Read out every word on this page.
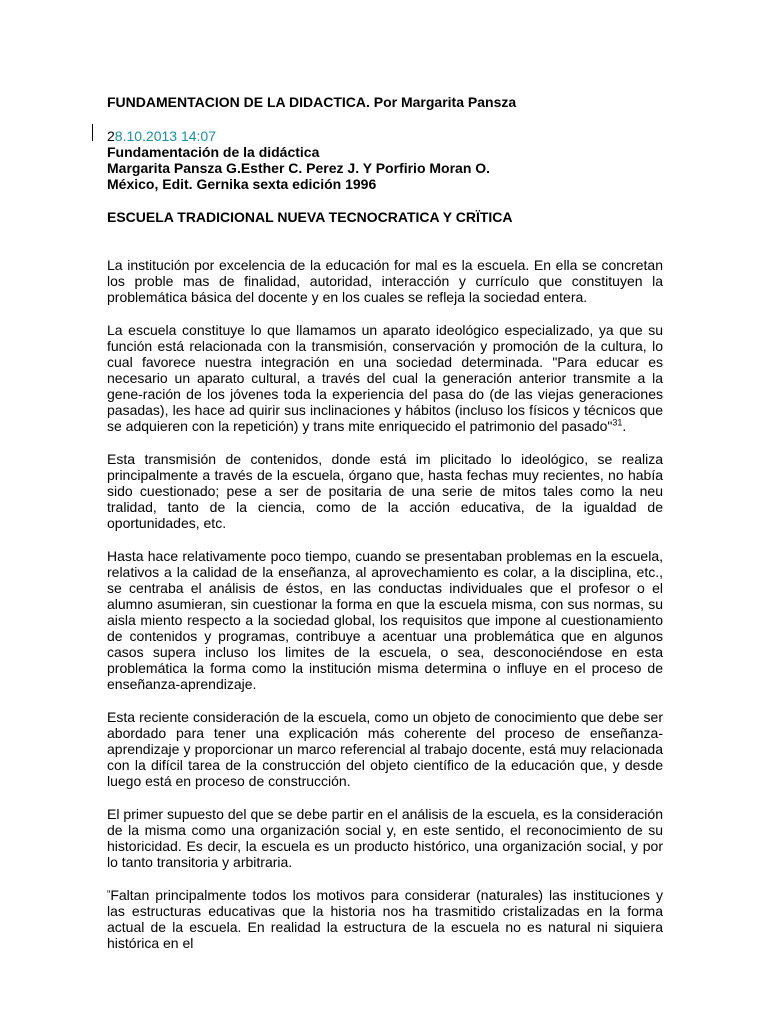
FUNDAMENTACION DE LA DIDACTICA. Por Margarita Pansza
28.10.2013 14:07
Fundamentación de la didáctica
Margarita Pansza G.Esther C. Perez J. Y Porfirio Moran O.
México, Edit. Gernika sexta edición 1996
ESCUELA TRADICIONAL NUEVA TECNOCRATICA Y CRÏTICA

La institución por excelencia de la educación for mal es la escuela. En ella se concretan los proble mas de finalidad, autoridad, interacción y currículo que constituyen la problemática básica del docente y en los cuales se refleja la sociedad entera.

La escuela constituye lo que llamamos un aparato ideológico especializado, ya que su función está relacionada con la transmisión, conservación y promoción de la cultura, lo cual favorece nuestra integración en una sociedad determinada. "Para educar es necesario un aparato cultural, a través del cual la generación anterior transmite a la gene-ración de los jóvenes toda la experiencia del pasa do (de las viejas generaciones pasadas), les hace ad quirir sus inclinaciones y hábitos (incluso los físicos y técnicos que se adquieren con la repetición) y trans mite enriquecido el patrimonio del pasado"$^{31}$.

Esta transmisión de contenidos, donde está im plicitado lo ideológico, se realiza principalmente a través de la escuela, órgano que, hasta fechas muy recientes, no había sido cuestionado; pese a ser de positaria de una serie de mitos tales como la neu tralidad, tanto de la ciencia, como de la acción educativa, de la igualdad de oportunidades, etc.

Hasta hace relativamente poco tiempo, cuando se presentaban problemas en la escuela, relativos a la calidad de la enseñanza, al aprovechamiento es colar, a la disciplina, etc., se centraba el análisis de éstos, en las conductas individuales que el profesor o el alumno asumieran, sin cuestionar la forma en que la escuela misma, con sus normas, su aisla miento respecto a la sociedad global, los requisitos que impone al cuestionamiento de contenidos y programas, contribuye a acentuar una problemática que en algunos casos supera incluso los limites de la escuela, o sea, desconociéndose en esta problemática la forma como la institución misma determina o influye en el proceso de enseñanza-aprendizaje.

Esta reciente consideración de la escuela, como un objeto de conocimiento que debe ser abordado para tener una explicación más coherente del proceso de enseñanza-aprendizaje y proporcionar un marco referencial al trabajo docente, está muy relacionada con la difícil tarea de la construcción del objeto científico de la educación que, y desde luego está en proceso de construcción.

El primer supuesto del que se debe partir en el análisis de la escuela, es la consideración de la misma como una organización social y, en este sentido, el reconocimiento de su historicidad. Es decir, la escuela es un producto histórico, una organización social, y por lo tanto transitoria y arbitraria.

“Faltan principalmente todos los motivos para considerar (naturales) las instituciones y las estructuras educativas que la historia nos ha trasmitido cristalizadas en la forma actual de la escuela. En realidad la estructura de la escuela no es natural ni siquiera histórica en el
